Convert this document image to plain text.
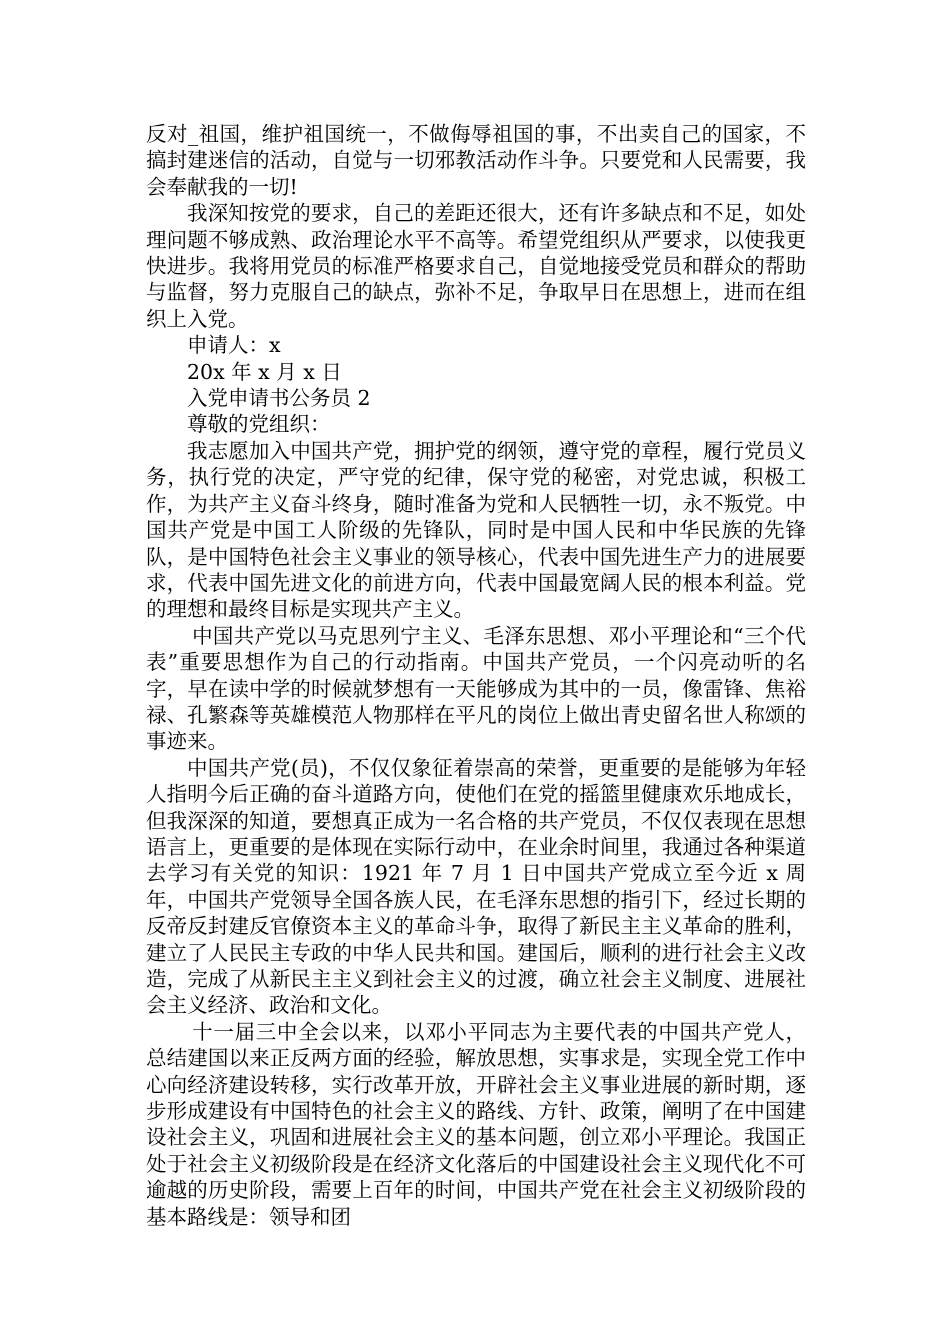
反对_祖国，维护祖国统一，不做侮辱祖国的事，不出卖自己的国家，不搞封建迷信的活动，自觉与一切邪教活动作斗争。只要党和人民需要，我会奉献我的一切!

我深知按党的要求，自己的差距还很大，还有许多缺点和不足，如处理问题不够成熟、政治理论水平不高等。希望党组织从严要求，以使我更快进步。我将用党员的标准严格要求自己，自觉地接受党员和群众的帮助与监督，努力克服自己的缺点，弥补不足，争取早日在思想上，进而在组织上入党。

申请人：x

20x 年 x 月 x 日

入党申请书公务员 2

尊敬的党组织：

我志愿加入中国共产党，拥护党的纲领，遵守党的章程，履行党员义务，执行党的决定，严守党的纪律，保守党的秘密，对党忠诚，积极工作，为共产主义奋斗终身，随时准备为党和人民牺牲一切，永不叛党。中国共产党是中国工人阶级的先锋队，同时是中国人民和中华民族的先锋队，是中国特色社会主义事业的领导核心，代表中国先进生产力的进展要求，代表中国先进文化的前进方向，代表中国最宽阔人民的根本利益。党的理想和最终目标是实现共产主义。

中国共产党以马克思列宁主义、毛泽东思想、邓小平理论和“三个代表”重要思想作为自己的行动指南。中国共产党员，一个闪亮动听的名字，早在读中学的时候就梦想有一天能够成为其中的一员，像雷锋、焦裕禄、孔繁森等英雄模范人物那样在平凡的岗位上做出青史留名世人称颂的事迹来。

中国共产党(员)，不仅仅象征着崇高的荣誉，更重要的是能够为年轻人指明今后正确的奋斗道路方向，使他们在党的摇篮里健康欢乐地成长，但我深深的知道，要想真正成为一名合格的共产党员，不仅仅表现在思想语言上，更重要的是体现在实际行动中，在业余时间里，我通过各种渠道去学习有关党的知识：1921 年 7 月 1 日中国共产党成立至今近 x 周年，中国共产党领导全国各族人民，在毛泽东思想的指引下，经过长期的反帝反封建反官僚资本主义的革命斗争，取得了新民主主义革命的胜利，建立了人民民主专政的中华人民共和国。建国后，顺利的进行社会主义改造，完成了从新民主主义到社会主义的过渡，确立社会主义制度、进展社会主义经济、政治和文化。

十一届三中全会以来，以邓小平同志为主要代表的中国共产党人，总结建国以来正反两方面的经验，解放思想，实事求是，实现全党工作中心向经济建设转移，实行改革开放，开辟社会主义事业进展的新时期，逐步形成建设有中国特色的社会主义的路线、方针、政策，阐明了在中国建设社会主义，巩固和进展社会主义的基本问题，创立邓小平理论。我国正处于社会主义初级阶段是在经济文化落后的中国建设社会主义现代化不可逾越的历史阶段，需要上百年的时间，中国共产党在社会主义初级阶段的基本路线是：领导和团
